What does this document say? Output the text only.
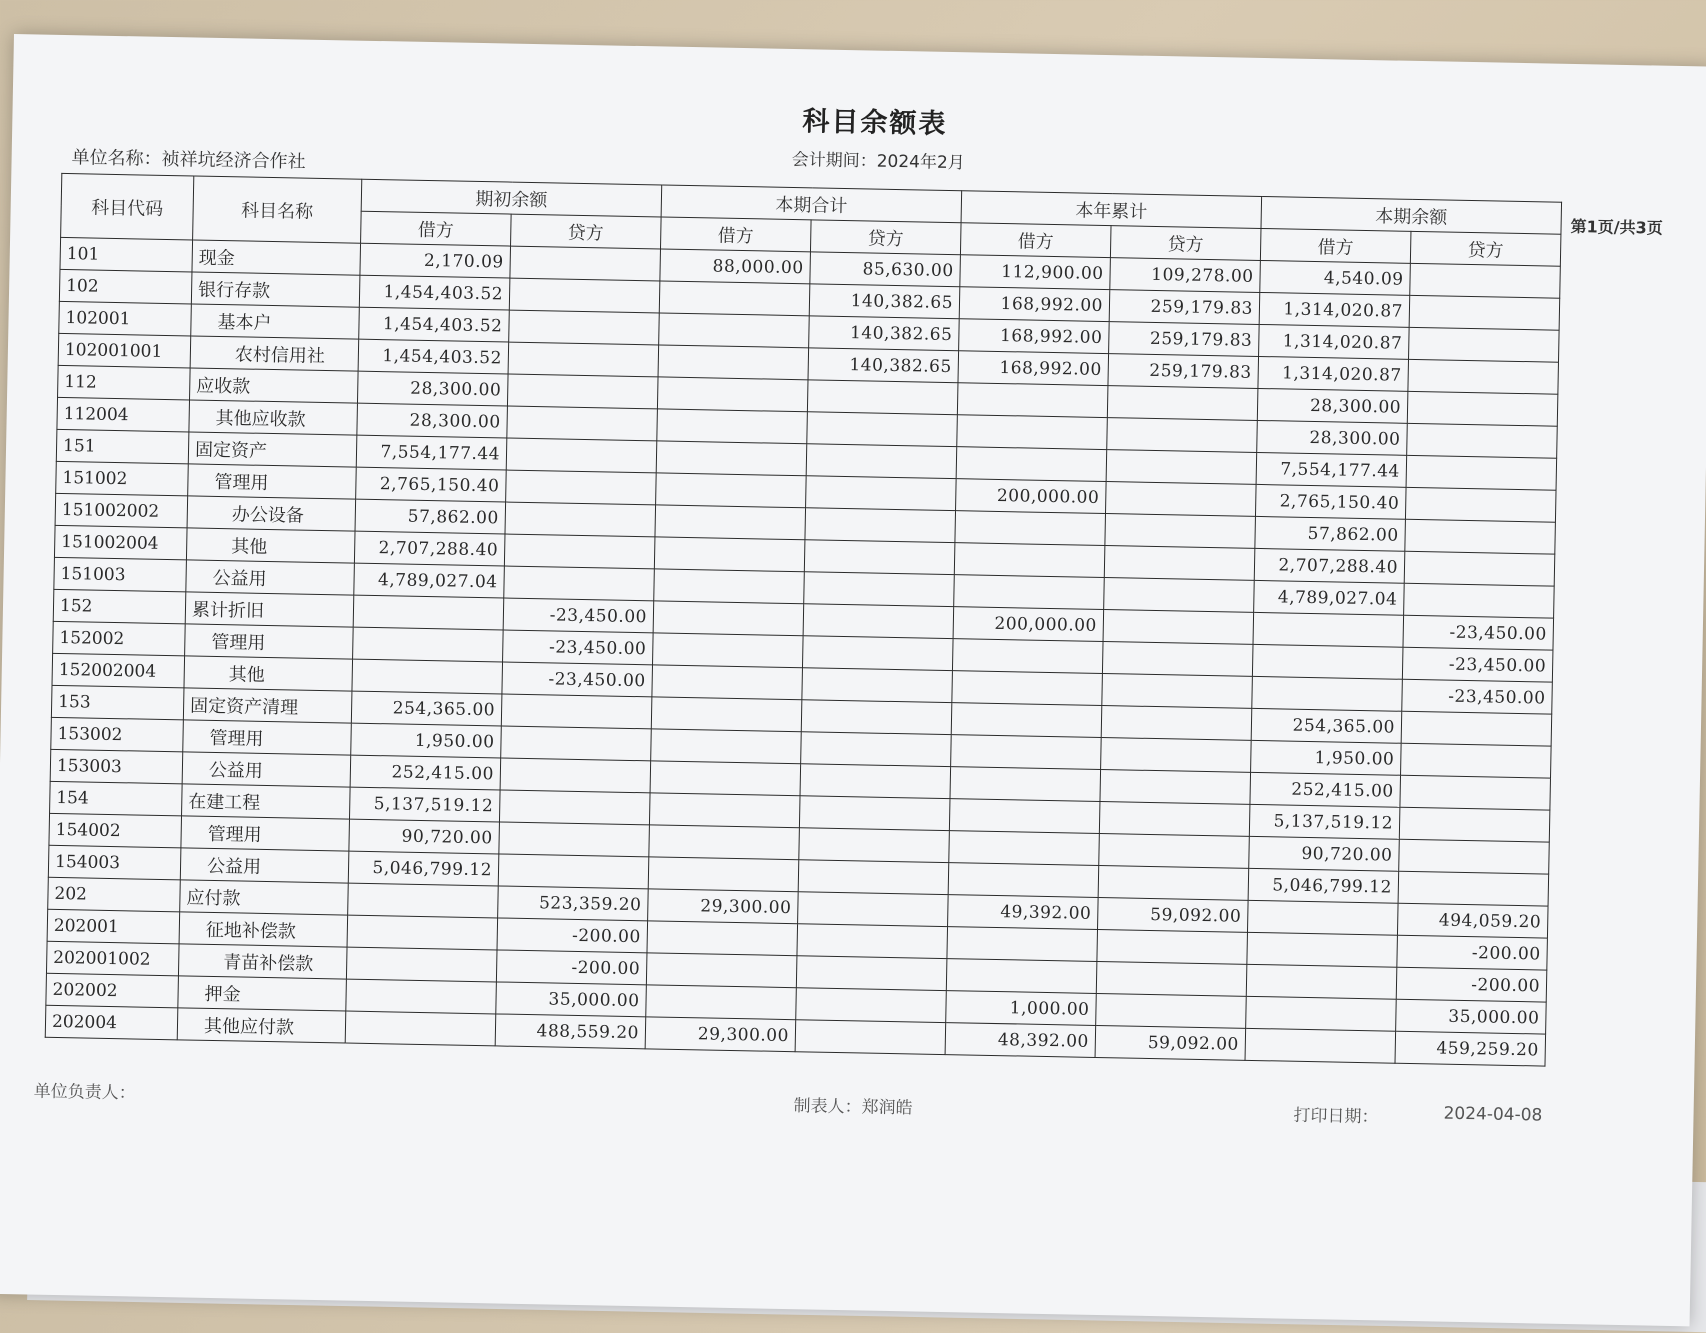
科目余额表
会计期间：2024年2月
单位名称：祯祥坑经济合作社
第1页/共3页
科目代码	科目名称	期初余额		本期合计		本年累计		本期余额	
		借方	贷方	借方	贷方	借方	贷方	借方	贷方
101	现金	2,170.09		88,000.00	85,630.00	112,900.00	109,278.00	4,540.09	
102	银行存款	1,454,403.52			140,382.65	168,992.00	259,179.83	1,314,020.87	
102001	基本户	1,454,403.52			140,382.65	168,992.00	259,179.83	1,314,020.87	
102001001	农村信用社	1,454,403.52			140,382.65	168,992.00	259,179.83	1,314,020.87	
112	应收款	28,300.00						28,300.00	
112004	其他应收款	28,300.00						28,300.00	
151	固定资产	7,554,177.44						7,554,177.44	
151002	管理用	2,765,150.40				200,000.00		2,765,150.40	
151002002	办公设备	57,862.00						57,862.00	
151002004	其他	2,707,288.40						2,707,288.40	
151003	公益用	4,789,027.04						4,789,027.04	
152	累计折旧		-23,450.00			200,000.00			-23,450.00
152002	管理用		-23,450.00						-23,450.00
152002004	其他		-23,450.00						-23,450.00
153	固定资产清理	254,365.00						254,365.00	
153002	管理用	1,950.00						1,950.00	
153003	公益用	252,415.00						252,415.00	
154	在建工程	5,137,519.12						5,137,519.12	
154002	管理用	90,720.00						90,720.00	
154003	公益用	5,046,799.12						5,046,799.12	
202	应付款		523,359.20	29,300.00		49,392.00	59,092.00		494,059.20
202001	征地补偿款		-200.00						-200.00
202001002	青苗补偿款		-200.00						-200.00
202002	押金		35,000.00			1,000.00			35,000.00
202004	其他应付款		488,559.20	29,300.00		48,392.00	59,092.00		459,259.20
单位负责人：
制表人：郑润皓	打印日期：	2024-04-08
